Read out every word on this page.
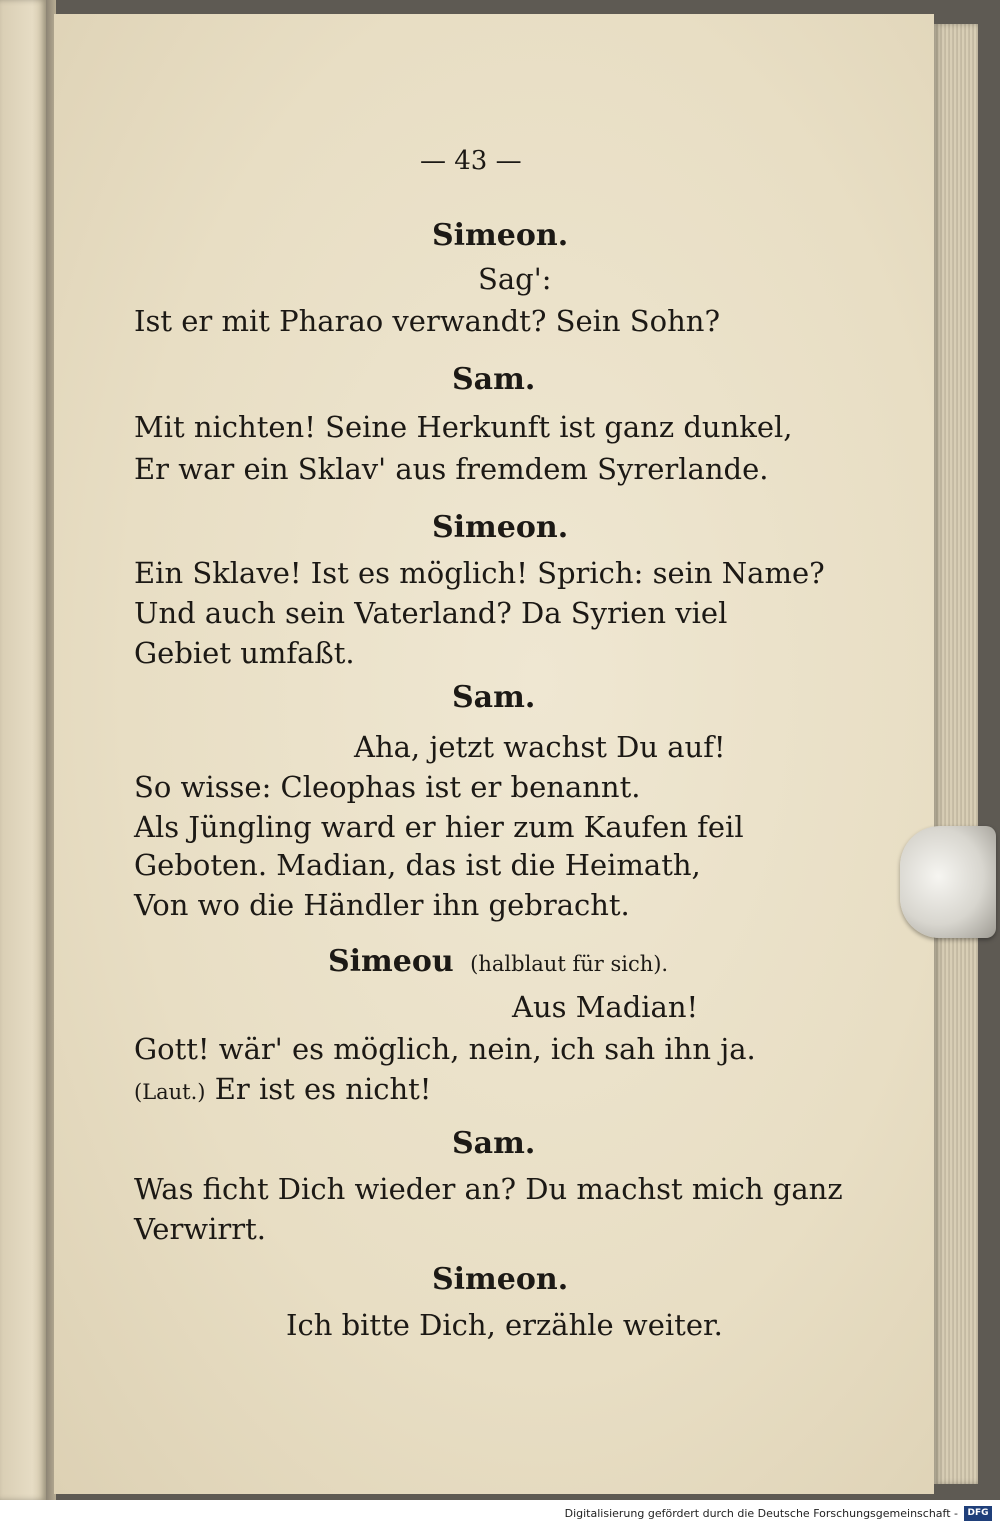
— 43 —
Simeon.
Sag':
Ist er mit Pharao verwandt? Sein Sohn?
Sam.
Mit nichten! Seine Herkunft ist ganz dunkel,
Er war ein Sklav' aus fremdem Syrerlande.
Simeon.
Ein Sklave! Ist es möglich! Sprich: sein Name?
Und auch sein Vaterland? Da Syrien viel
Gebiet umfaßt.
Sam.
Aha, jetzt wachst Du auf!
So wisse: Cleophas ist er benannt.
Als Jüngling ward er hier zum Kaufen feil
Geboten. Madian, das ist die Heimath,
Von wo die Händler ihn gebracht.
Simeou (halblaut für sich).
Aus Madian!
Gott! wär' es möglich, nein, ich sah ihn ja.
(Laut.) Er ist es nicht!
Sam.
Was ficht Dich wieder an? Du machst mich ganz
Verwirrt.
Simeon.
Ich bitte Dich, erzähle weiter.
Digitalisierung gefördert durch die Deutsche Forschungsgemeinschaft -	DFG
